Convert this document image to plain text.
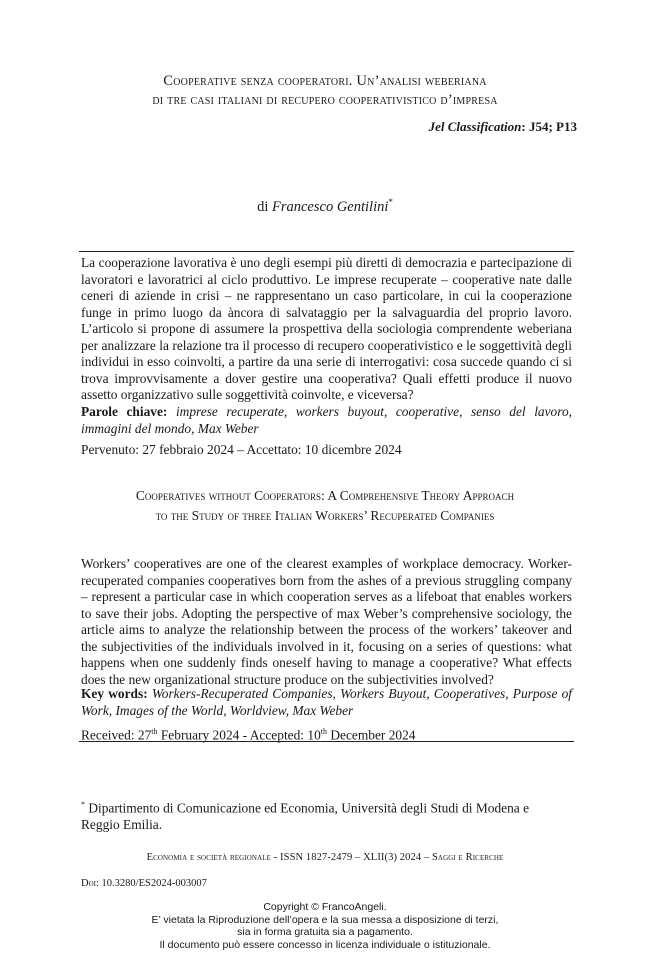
Cooperative senza cooperatori. Un’analisi weberiana
di tre casi italiani di recupero cooperativistico d’impresa
Jel Classification: J54; P13
di Francesco Gentilini*

La cooperazione lavorativa è uno degli esempi più diretti di democrazia e partecipazione di lavoratori e lavoratrici al ciclo produttivo. Le imprese recuperate – cooperative nate dalle ceneri di aziende in crisi – ne rappresentano un caso particolare, in cui la cooperazione funge in primo luogo da àncora di salvataggio per la salvaguardia del proprio lavoro. L’articolo si propone di assumere la prospettiva della sociologia comprendente weberiana per analizzare la relazione tra il processo di recupero cooperativistico e le soggettività degli individui in esso coinvolti, a partire da una serie di interrogativi: cosa succede quando ci si trova improvvisamente a dover gestire una cooperativa? Quali effetti produce il nuovo assetto organizzativo sulle soggettività coinvolte, e viceversa?

Parole chiave: imprese recuperate, workers buyout, cooperative, senso del lavoro, immagini del mondo, Max Weber

Pervenuto: 27 febbraio 2024 – Accettato: 10 dicembre 2024

Cooperatives without Cooperators: A Comprehensive Theory Approach
to the Study of three Italian Workers’ Recuperated Companies

Workers’ cooperatives are one of the clearest examples of workplace democracy. Worker-recuperated companies cooperatives born from the ashes of a previous struggling company – represent a particular case in which cooperation serves as a lifeboat that enables workers to save their jobs. Adopting the perspective of max Weber’s comprehensive sociology, the article aims to analyze the relationship between the process of the workers’ takeover and the subjectivities of the individuals involved in it, focusing on a series of questions: what happens when one suddenly finds oneself having to manage a cooperative? What effects does the new organizational structure produce on the subjectivities involved?

Key words: Workers-Recuperated Companies, Workers Buyout, Cooperatives, Purpose of Work, Images of the World, Worldview, Max Weber

Received: 27th February 2024 - Accepted: 10th December 2024

* Dipartimento di Comunicazione ed Economia, Università degli Studi di Modena e Reggio Emilia.
Economia e società regionale - ISSN 1827-2479 – XLII(3) 2024 – Saggi e Ricerche
Doi: 10.3280/ES2024-003007
Copyright © FrancoAngeli.
E’ vietata la Riproduzione dell’opera e la sua messa a disposizione di terzi,
sia in forma gratuita sia a pagamento.
Il documento può essere concesso in licenza individuale o istituzionale.
